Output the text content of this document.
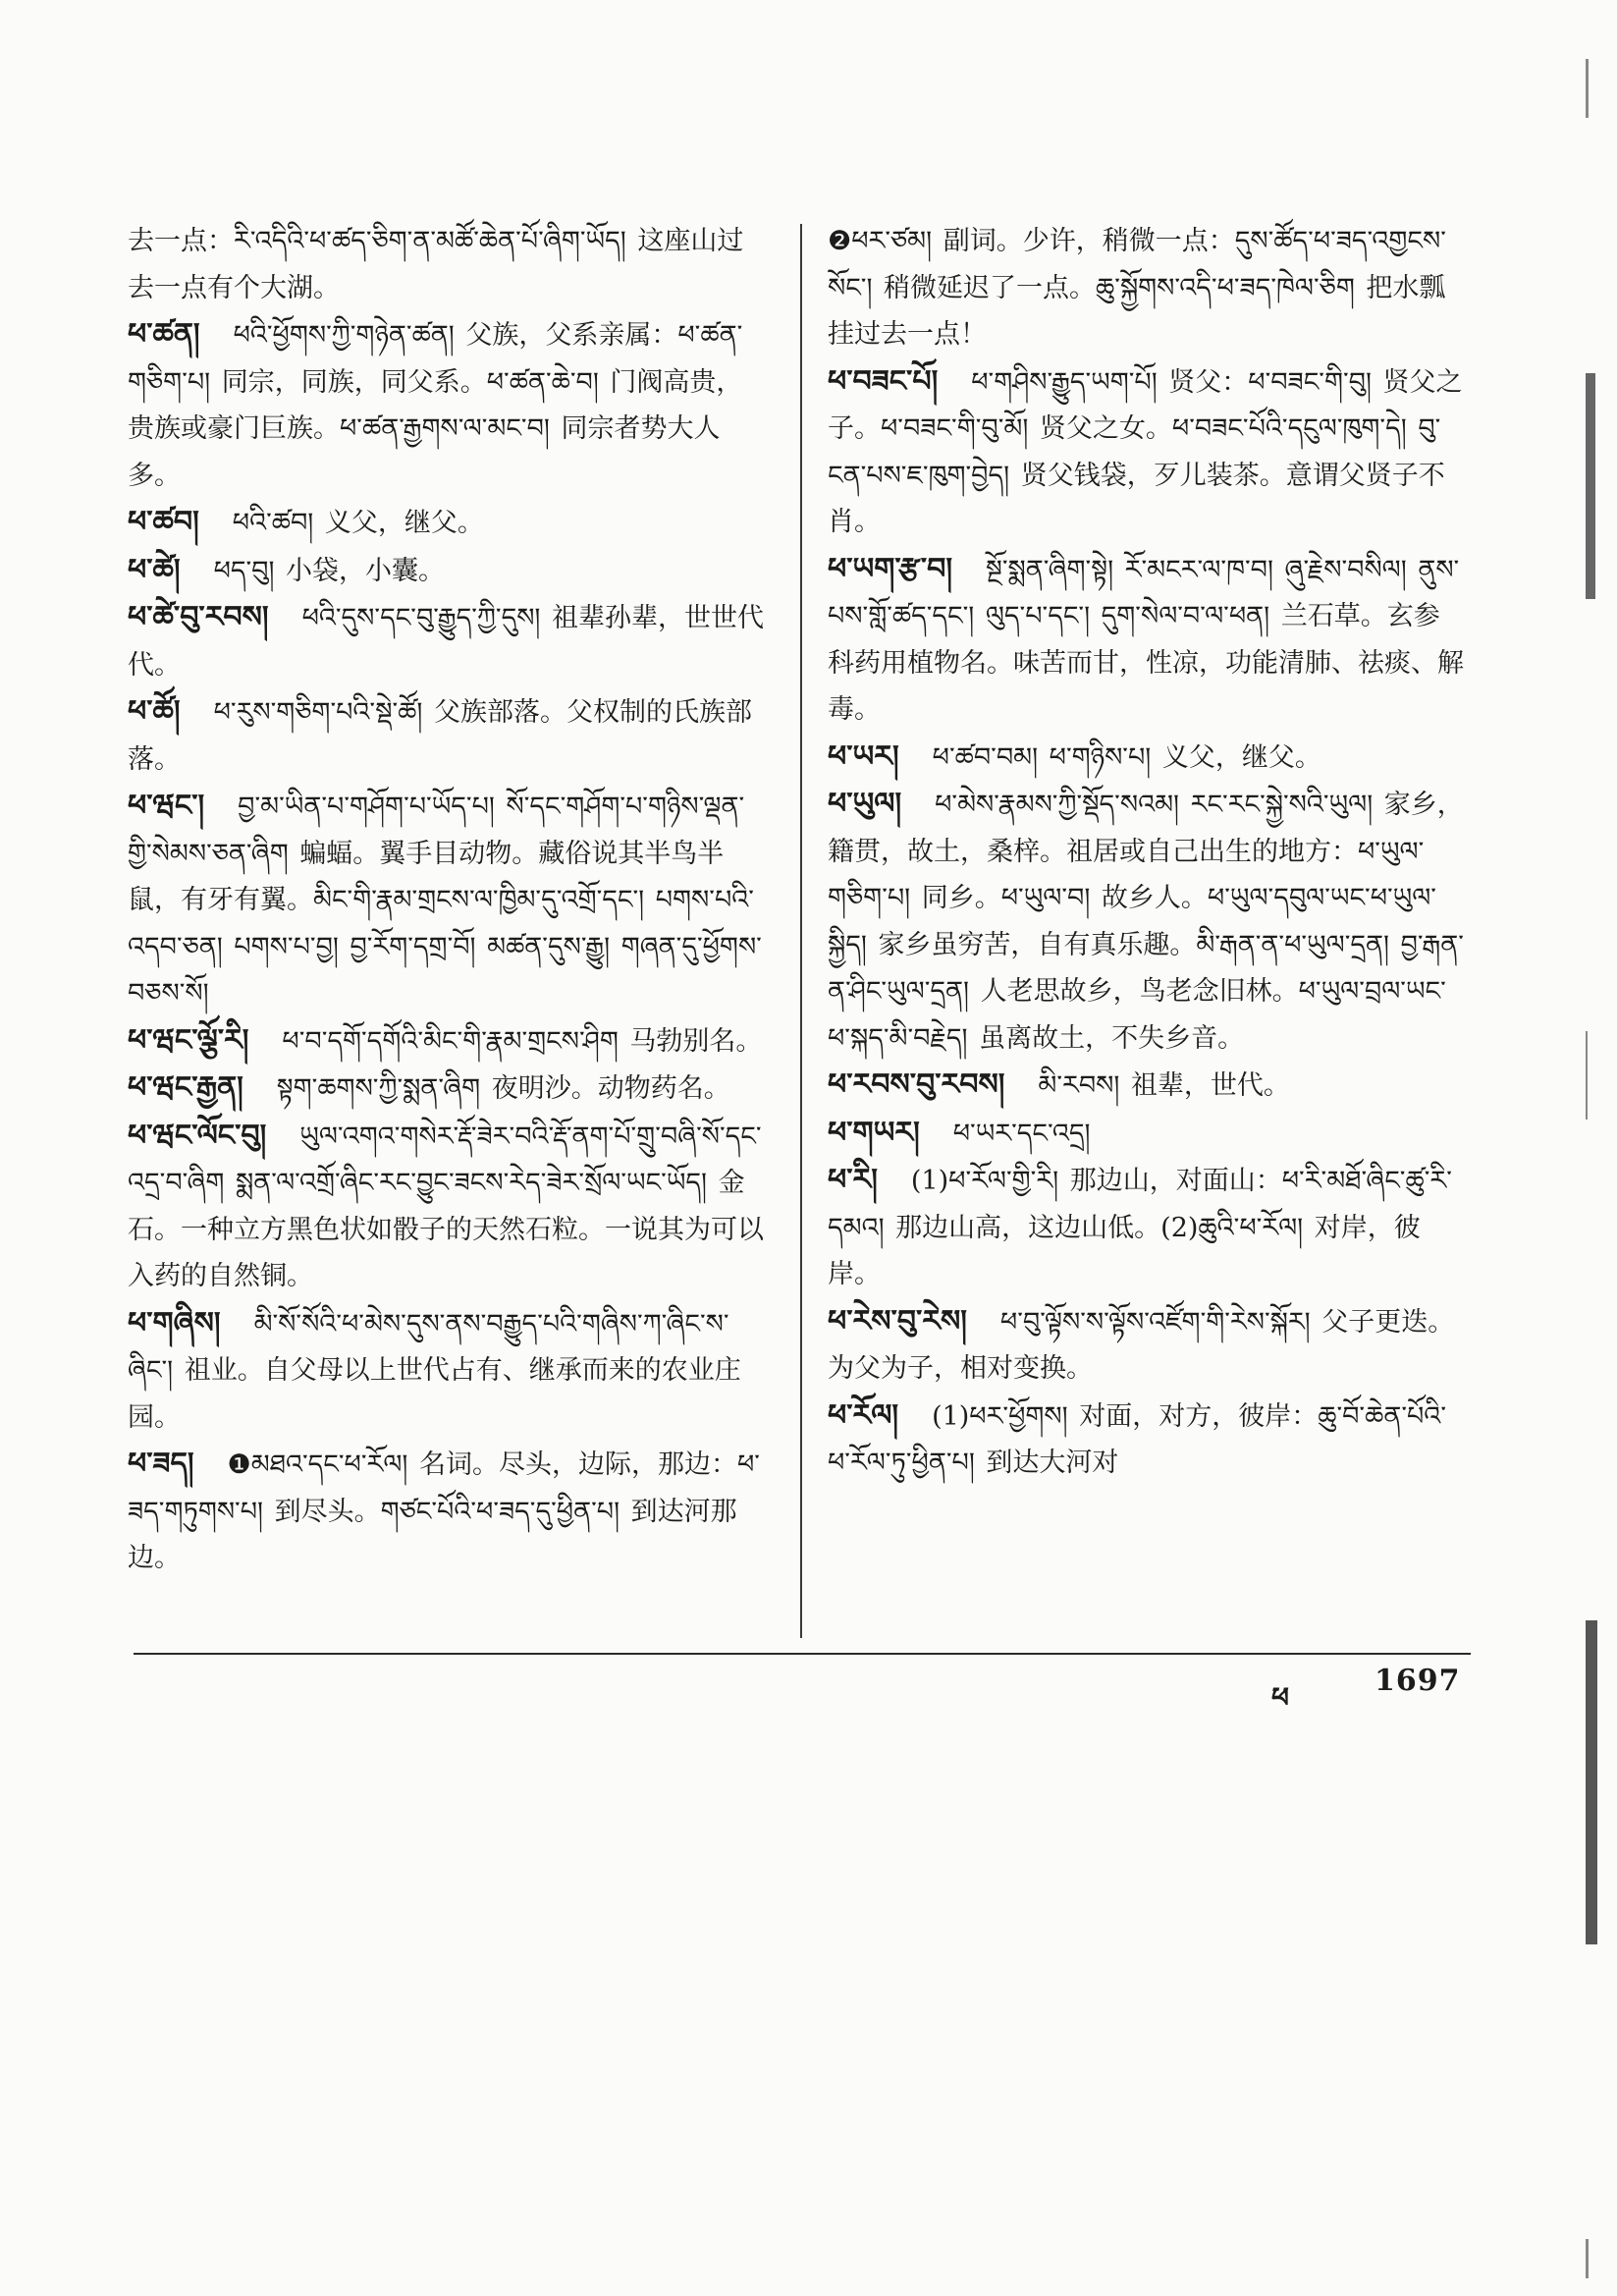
去一点：རི་འདིའི་ཕ་ཚད་ཅིག་ན་མཚོ་ཆེན་པོ་ཞིག་ཡོད། 这座山过去一点有个大湖。

ཕ་ཚན། ཕའི་ཕྱོགས་ཀྱི་གཉེན་ཚན། 父族，父系亲属：ཕ་ཚན་གཅིག་པ། 同宗，同族，同父系。ཕ་ཚན་ཆེ་བ། 门阀高贵，贵族或豪门巨族。ཕ་ཚན་རྒྱགས་ལ་མང་བ། 同宗者势大人多。

ཕ་ཚབ། ཕའི་ཚབ། 义父，继父。

ཕ་ཚེ། ཕད་བུ། 小袋，小囊。

ཕ་ཚེ་བུ་རབས། ཕའི་དུས་དང་བུ་རྒྱུད་ཀྱི་དུས། 祖辈孙辈，世世代代。

ཕ་ཚོ། ཕ་རུས་གཅིག་པའི་སྡེ་ཚོ། 父族部落。父权制的氏族部落。

ཕ་ཝང་། བྱ་མ་ཡིན་པ་གཤོག་པ་ཡོད་པ། སོ་དང་གཤོག་པ་གཉིས་ལྡན་གྱི་སེམས་ཅན་ཞིག 蝙蝠。翼手目动物。藏俗说其半鸟半鼠，有牙有翼。མིང་གི་རྣམ་གྲངས་ལ་ཁྱིམ་དུ་འགྲོ་དང་། པགས་པའི་འདབ་ཅན། པགས་པ་བྱ། བྱ་རོག་དགྲ་བོ། མཚན་དུས་རྒྱུ། གཞན་དུ་ཕྱོགས་བཅས་སོ།

ཕ་ཝང་ལྕོ་རི། ཕ་བ་དགོ་དགོའི་མིང་གི་རྣམ་གྲངས་ཤིག 马勃别名。

ཕ་ཝང་རྒྱན། སྟག་ཆགས་ཀྱི་སྨན་ཞིག 夜明沙。动物药名。

ཕ་ཝང་ལོང་བུ། ཡུལ་འགའ་གསེར་རྡོ་ཟེར་བའི་རྡོ་ནག་པོ་གྲུ་བཞི་སོ་དང་འདྲ་བ་ཞིག སྨན་ལ་འགྲོ་ཞིང་རང་བྱུང་ཟངས་རེད་ཟེར་སྲོལ་ཡང་ཡོད། 金石。一种立方黑色状如骰子的天然石粒。一说其为可以入药的自然铜。

ཕ་གཞིས། མི་སོ་སོའི་ཕ་མེས་དུས་ནས་བརྒྱུད་པའི་གཞིས་ཀ་ཞིང་ས་ཞིང་། 祖业。自父母以上世代占有、继承而来的农业庄园。

ཕ་ཟད། ❶མཐའ་དང་ཕ་རོལ། 名词。尽头，边际，那边：ཕ་ཟད་གཏུགས་པ། 到尽头。གཙང་པོའི་ཕ་ཟད་དུ་ཕྱིན་པ། 到达河那边。

❷ཕར་ཙམ། 副词。少许，稍微一点：དུས་ཚོད་ཕ་ཟད་འགྱངས་སོང་། 稍微延迟了一点。ཆུ་སྐྱོགས་འདི་ཕ་ཟད་ཁེལ་ཅིག 把水瓢挂过去一点！

ཕ་བཟང་པོ། ཕ་གཤིས་རྒྱུད་ཡག་པོ། 贤父：ཕ་བཟང་གི་བུ། 贤父之子。ཕ་བཟང་གི་བུ་མོ། 贤父之女。ཕ་བཟང་པོའི་དངུལ་ཁུག་དེ། བུ་ངན་པས་ཇ་ཁུག་བྱེད། 贤父钱袋，歹儿装茶。意谓父贤子不肖。

ཕ་ཡག་རྩ་བ། སྔོ་སྨན་ཞིག་སྟེ། རོ་མངར་ལ་ཁ་བ། ཞུ་རྗེས་བསིལ། ནུས་པས་གློ་ཚད་དང་། ལུད་པ་དང་། དུག་སེལ་བ་ལ་ཕན། 兰石草。玄参科药用植物名。味苦而甘，性凉，功能清肺、祛痰、解毒。

ཕ་ཡར། ཕ་ཚབ་བམ། ཕ་གཉིས་པ། 义父，继父。

ཕ་ཡུལ། ཕ་མེས་རྣམས་ཀྱི་སྡོད་སའམ། རང་རང་སྐྱེ་སའི་ཡུལ། 家乡，籍贯，故土，桑梓。祖居或自己出生的地方：ཕ་ཡུལ་གཅིག་པ། 同乡。ཕ་ཡུལ་བ། 故乡人。ཕ་ཡུལ་དབུལ་ཡང་ཕ་ཡུལ་སྐྱིད། 家乡虽穷苦，自有真乐趣。མི་རྒན་ན་ཕ་ཡུལ་དྲན། བྱ་རྒན་ན་ཤིང་ཡུལ་དྲན། 人老思故乡，鸟老念旧林。ཕ་ཡུལ་བྲལ་ཡང་ཕ་སྐད་མི་བརྗེད། 虽离故土，不失乡音。

ཕ་རབས་བུ་རབས། མི་རབས། 祖辈，世代。

ཕ་གཡར། ཕ་ཡར་དང་འདྲ།

ཕ་རི། (1)ཕ་རོལ་གྱི་རི། 那边山，对面山：ཕ་རི་མཐོ་ཞིང་ཚུ་རི་དམའ། 那边山高，这边山低。(2)ཆུའི་ཕ་རོལ། 对岸，彼岸。

ཕ་རེས་བུ་རེས། ཕ་བུ་ལྟོས་ས་ལྟོས་འཛོག་གི་རེས་སྐོར། 父子更迭。为父为子，相对变换。

ཕ་རོལ། (1)ཕར་ཕྱོགས། 对面，对方，彼岸：ཆུ་བོ་ཆེན་པོའི་ཕ་རོལ་ཏུ་ཕྱིན་པ། 到达大河对

ཕ	1697
